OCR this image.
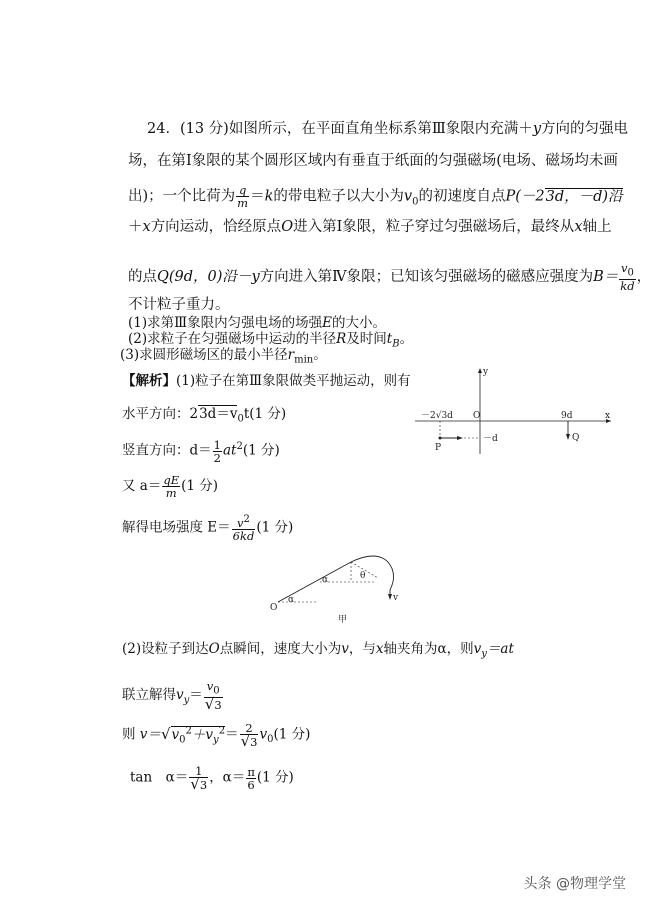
24．(13 分)如图所示，在平面直角坐标系第Ⅲ象限内充满＋y方向的匀强电
场，在第Ⅰ象限的某个圆形区域内有垂直于纸面的匀强磁场(电场、磁场均未画
出)；一个比荷为 $\frac{q}{m} =k$的带电粒子以大小为$v_0$的初速度自点P(－23d，－d)沿
＋x方向运动，恰经原点O进入第Ⅰ象限，粒子穿过匀强磁场后，最终从x轴上
的点Q(9d，0)沿－y方向进入第Ⅳ象限；已知该匀强磁场的磁感应强度为$B= \frac{v_0}{kd}$ ，
不计粒子重力。
(1)求第Ⅲ象限内匀强电场的场强E的大小。
(2)求粒子在匀强磁场中运动的半径R及时间$t_B$。
(3)求圆形磁场区的最小半径$r_{min}$。
【解析】(1)粒子在第Ⅲ象限做类平抛运动，则有
水平方向：$23d=v_0t(1$ 分)
竖直方向：$d= \frac{1}{2} at^2(1$ 分)
又 $a= \frac{qE}{m} (1$ 分)
解得电场强度 $E= \frac{v^2}{6kd} (1$ 分)
y
x
O
－2√3d	9d
－d
P
Q
O
α
α	θ
v
甲
(2)设粒子到达O点瞬间，速度大小为v，与x轴夹角为α，则$v_y=at$
联立解得$v_y= \frac{v_0}{√3}$
则 $v=√v_0^2+v_y^2= \frac{2}{√3} v_0(1$ 分)
tan　$\alpha= \frac{1}{√3}$ ，$\alpha= \frac{\pi}{6} (1$ 分)
头条 @物理学堂
